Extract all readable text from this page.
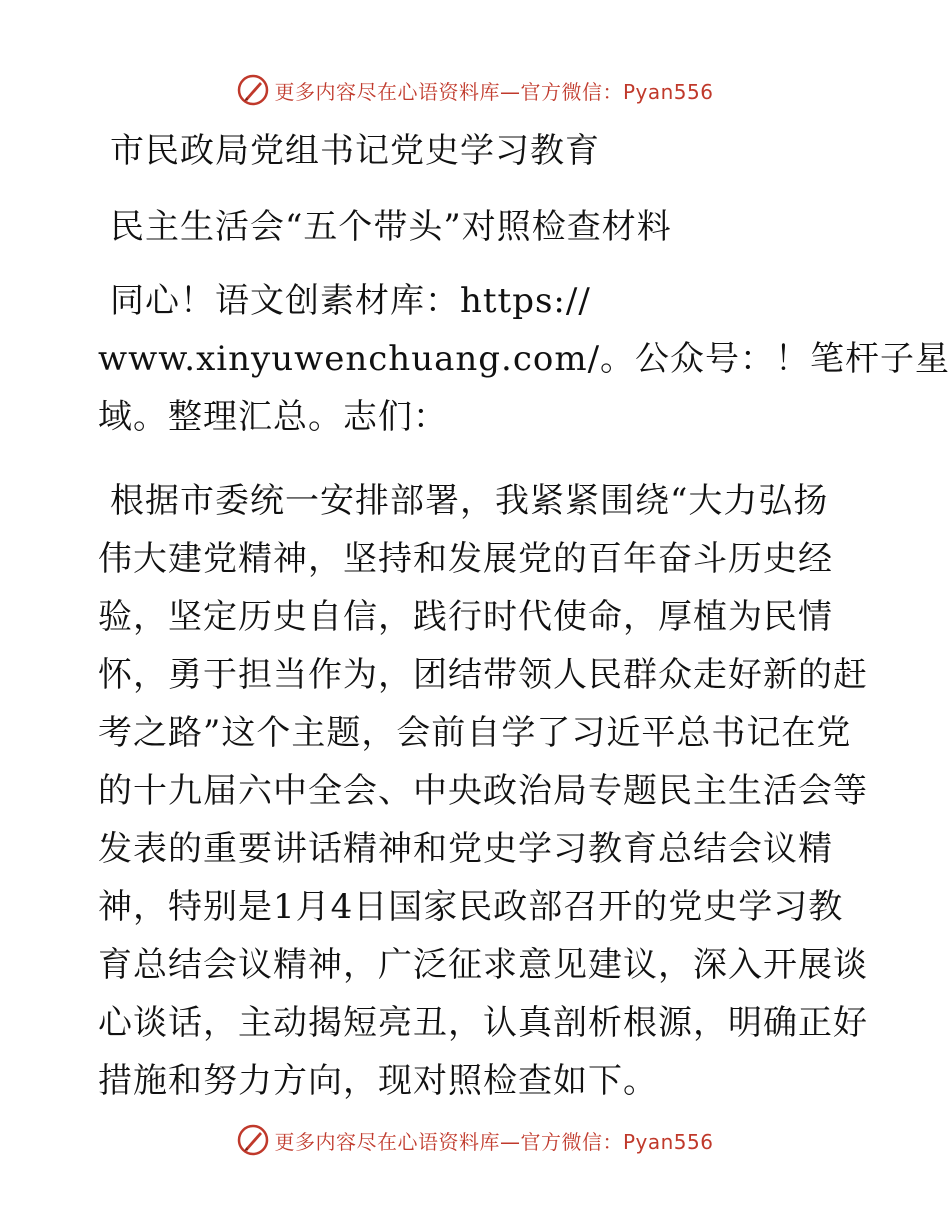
更多内容尽在心语资料库—官方微信：Pyan556
市民政局党组书记党史学习教育
民主生活会“五个带头”对照检查材料
同心！语文创素材库：https://
www.xinyuwenchuang.com/。公众号：！笔杆子星
域。整理汇总。志们：
根据市委统一安排部署，我紧紧围绕“大力弘扬
伟大建党精神，坚持和发展党的百年奋斗历史经
验，坚定历史自信，践行时代使命，厚植为民情
怀，勇于担当作为，团结带领人民群众走好新的赶
考之路”这个主题，会前自学了习近平总书记在党
的十九届六中全会、中央政治局专题民主生活会等
发表的重要讲话精神和党史学习教育总结会议精
神，特别是1月4日国家民政部召开的党史学习教
育总结会议精神，广泛征求意见建议，深入开展谈
心谈话，主动揭短亮丑，认真剖析根源，明确正好
措施和努力方向，现对照检查如下。
更多内容尽在心语资料库—官方微信：Pyan556
